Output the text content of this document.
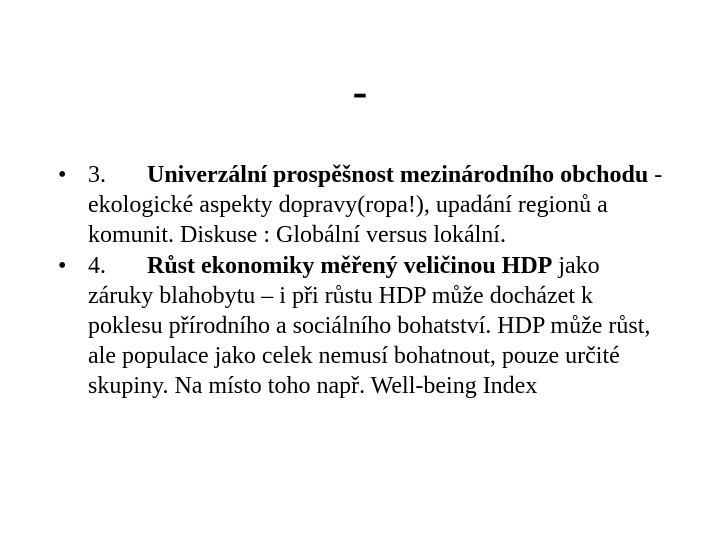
-
• 3. Univerzální prospěšnost mezinárodního obchodu - ekologické aspekty dopravy(ropa!), upadání regionů a komunit. Diskuse : Globální versus lokální.
• 4. Růst ekonomiky měřený veličinou HDP jako záruky blahobytu – i při růstu HDP může docházet k poklesu přírodního a sociálního bohatství. HDP může růst, ale populace jako celek nemusí bohatnout, pouze určité skupiny. Na místo toho např. Well-being Index
